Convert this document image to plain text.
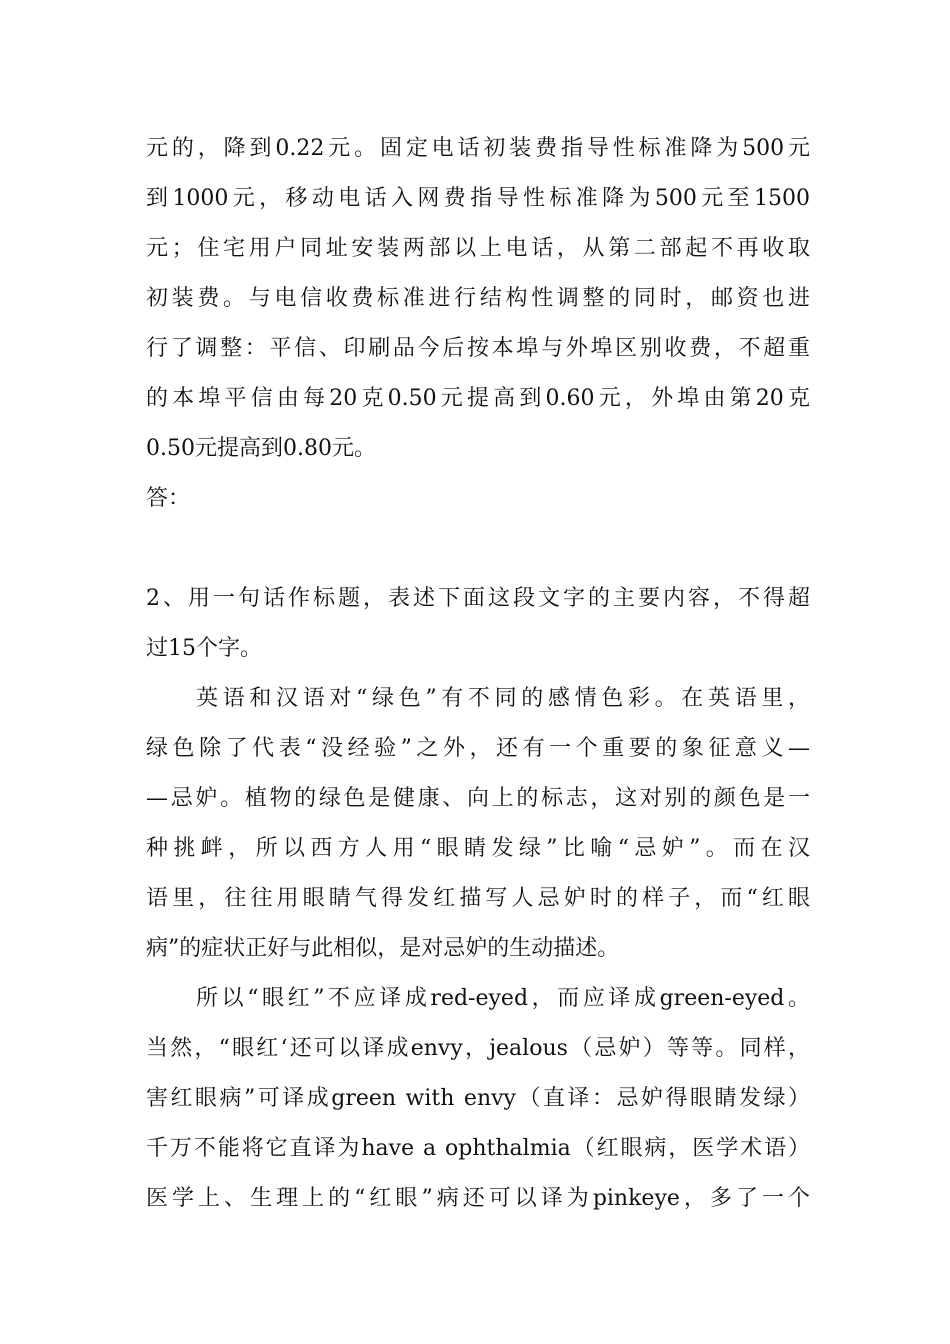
元的，降到0.22元。固定电话初装费指导性标准降为500元
到1000元，移动电话入网费指导性标准降为500元至1500
元；住宅用户同址安装两部以上电话，从第二部起不再收取
初装费。与电信收费标准进行结构性调整的同时，邮资也进
行了调整：平信、印刷品今后按本埠与外埠区别收费，不超重
的本埠平信由每20克0.50元提高到0.60元，外埠由第20克
0.50元提高到0.80元。
答：
2、用一句话作标题，表述下面这段文字的主要内容，不得超
过15个字。
英语和汉语对“绿色”有不同的感情色彩。在英语里，
绿色除了代表“没经验”之外，还有一个重要的象征意义—
—忌妒。植物的绿色是健康、向上的标志，这对别的颜色是一
种挑衅，所以西方人用“眼睛发绿”比喻“忌妒”。而在汉
语里，往往用眼睛气得发红描写人忌妒时的样子，而“红眼
病”的症状正好与此相似，是对忌妒的生动描述。
所以“眼红”不应译成red-eyed，而应译成green-eyed。
当然，“眼红‘还可以译成envy，jealous（忌妒）等等。同样，
害红眼病”可译成green with envy（直译：忌妒得眼睛发绿）
千万不能将它直译为have a ophthalmia（红眼病，医学术语）
医学上、生理上的“红眼”病还可以译为pinkeye，多了一个
